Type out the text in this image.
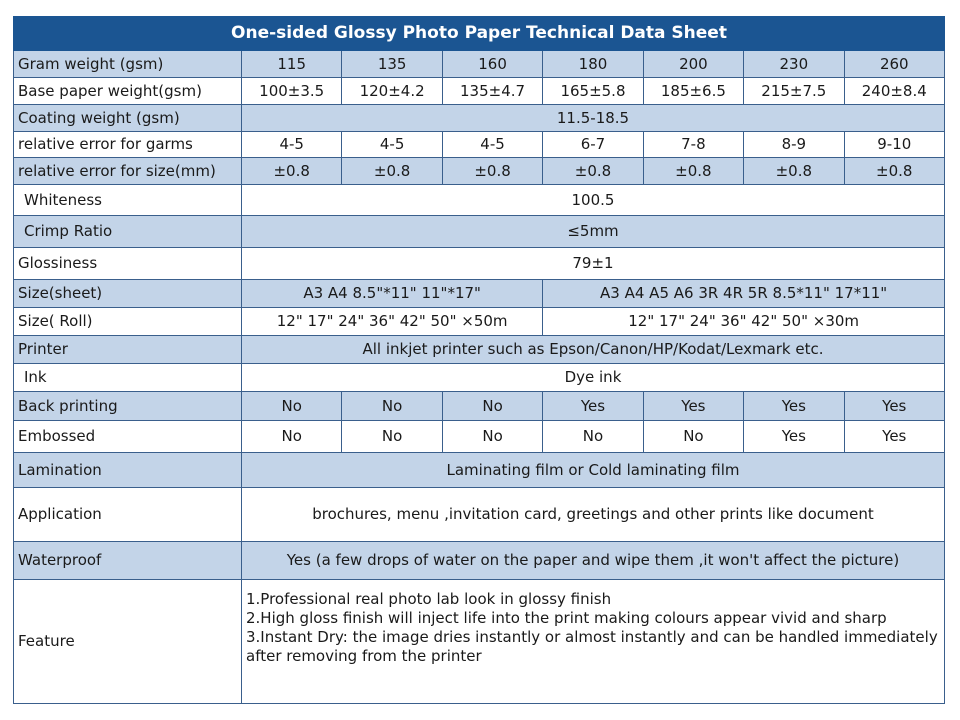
One-sided Glossy Photo Paper Technical Data Sheet							
Gram weight (gsm)	115	135	160	180	200	230	260
Base paper weight(gsm)	100±3.5	120±4.2	135±4.7	165±5.8	185±6.5	215±7.5	240±8.4
Coating weight (gsm)	11.5-18.5						
relative error for garms	4-5	4-5	4-5	6-7	7-8	8-9	9-10
relative error for size(mm)	±0.8	±0.8	±0.8	±0.8	±0.8	±0.8	±0.8
Whiteness	100.5						
Crimp Ratio	≤5mm						
Glossiness	79±1						
Size(sheet)	A3 A4 8.5"*11" 11"*17"			A3 A4 A5 A6 3R 4R 5R 8.5*11" 17*11"			
Size( Roll)	12" 17" 24" 36" 42" 50" ×50m			12" 17" 24" 36" 42" 50" ×30m			
Printer	All inkjet printer such as Epson/Canon/HP/Kodat/Lexmark etc.						
Ink	Dye ink						
Back printing	No	No	No	Yes	Yes	Yes	Yes
Embossed	No	No	No	No	No	Yes	Yes
Lamination	Laminating film or Cold laminating film						
Application	brochures, menu ,invitation card, greetings and other prints like document						
Waterproof	Yes (a few drops of water on the paper and wipe them ,it won't affect the picture)						
Feature	1.Professional real photo lab look in glossy finish
2.High gloss finish will inject life into the print making colours appear vivid and sharp
3.Instant Dry: the image dries instantly or almost instantly and can be handled immediately after removing from the printer						
